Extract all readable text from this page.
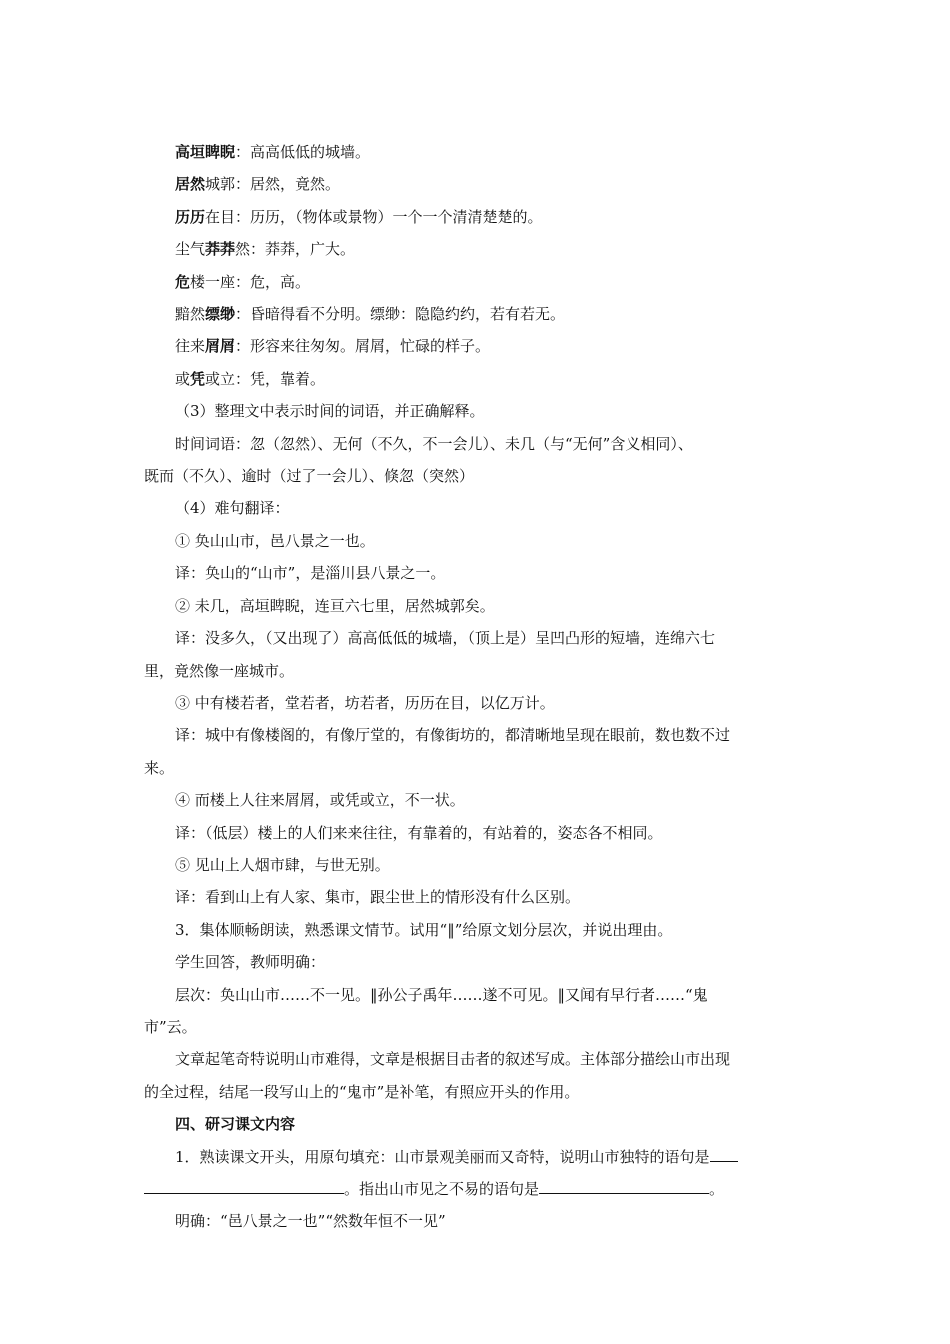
高垣睥睨：高高低低的城墙。

居然城郭：居然，竟然。

历历在目：历历，（物体或景物）一个一个清清楚楚的。

尘气莽莽然：莽莽，广大。

危楼一座：危，高。

黯然缥缈：昏暗得看不分明。缥缈：隐隐约约，若有若无。

往来屑屑：形容来往匆匆。屑屑，忙碌的样子。

或凭或立：凭，靠着。

（3）整理文中表示时间的词语，并正确解释。

时间词语：忽（忽然）、无何（不久，不一会儿）、未几（与“无何”含义相同）、

既而（不久）、逾时（过了一会儿）、倏忽（突然）

（4）难句翻译：

① 奂山山市，邑八景之一也。

译：奂山的“山市”，是淄川县八景之一。

② 未几，高垣睥睨，连亘六七里，居然城郭矣。

译：没多久，（又出现了）高高低低的城墙，（顶上是）呈凹凸形的短墙，连绵六七

里，竟然像一座城市。

③ 中有楼若者，堂若者，坊若者，历历在目，以亿万计。

译：城中有像楼阁的，有像厅堂的，有像街坊的，都清晰地呈现在眼前，数也数不过

来。

④ 而楼上人往来屑屑，或凭或立，不一状。

译：（低层）楼上的人们来来往往，有靠着的，有站着的，姿态各不相同。

⑤ 见山上人烟市肆，与世无别。

译：看到山上有人家、集市，跟尘世上的情形没有什么区别。

3．集体顺畅朗读，熟悉课文情节。试用“‖”给原文划分层次，并说出理由。

学生回答，教师明确：

层次：奂山山市……不一见。‖孙公子禹年……遂不可见。‖又闻有早行者……“鬼

市”云。

文章起笔奇特说明山市难得，文章是根据目击者的叙述写成。主体部分描绘山市出现

的全过程，结尾一段写山上的“鬼市”是补笔，有照应开头的作用。

四、研习课文内容

1．熟读课文开头，用原句填充：山市景观美丽而又奇特，说明山市独特的语句是

。指出山市见之不易的语句是	。

明确：“邑八景之一也”“然数年恒不一见”
